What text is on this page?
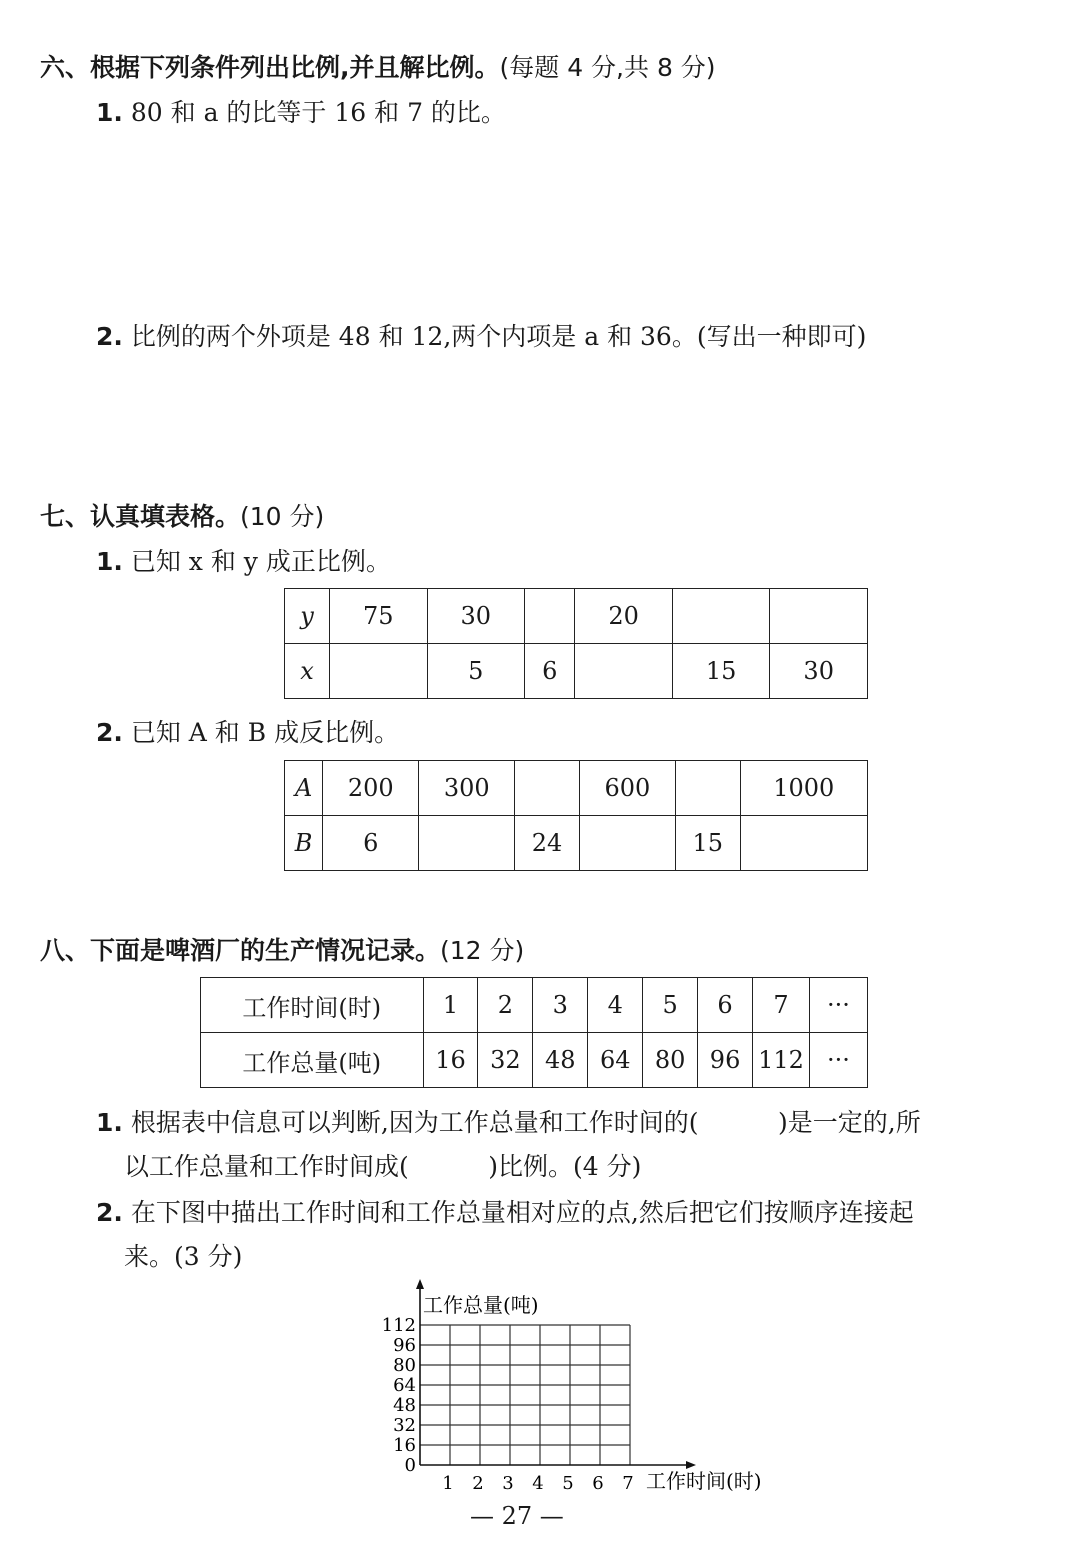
六、根据下列条件列出比例,并且解比例。(每题 4 分,共 8 分)
1. 80 和 a 的比等于 16 和 7 的比。
2. 比例的两个外项是 48 和 12,两个内项是 a 和 36。(写出一种即可)
七、认真填表格。(10 分)
1. 已知 x 和 y 成正比例。
y	75	30		20		
x		5	6		15	30
2. 已知 A 和 B 成反比例。
A	200	300		600		1000
B	6		24		15	
八、下面是啤酒厂的生产情况记录。(12 分)
工作时间(时)	1	2	3	4	5	6	7	···
工作总量(吨)	16	32	48	64	80	96	112	···
1. 根据表中信息可以判断,因为工作总量和工作时间的(          )是一定的,所
以工作总量和工作时间成(          )比例。(4 分)
2. 在下图中描出工作时间和工作总量相对应的点,然后把它们按顺序连接起
来。(3 分)
0
16
32
48
64
80
96
112
1 2 3 4 5 6 7
工作总量(吨)
工作时间(时)
— 27 —
